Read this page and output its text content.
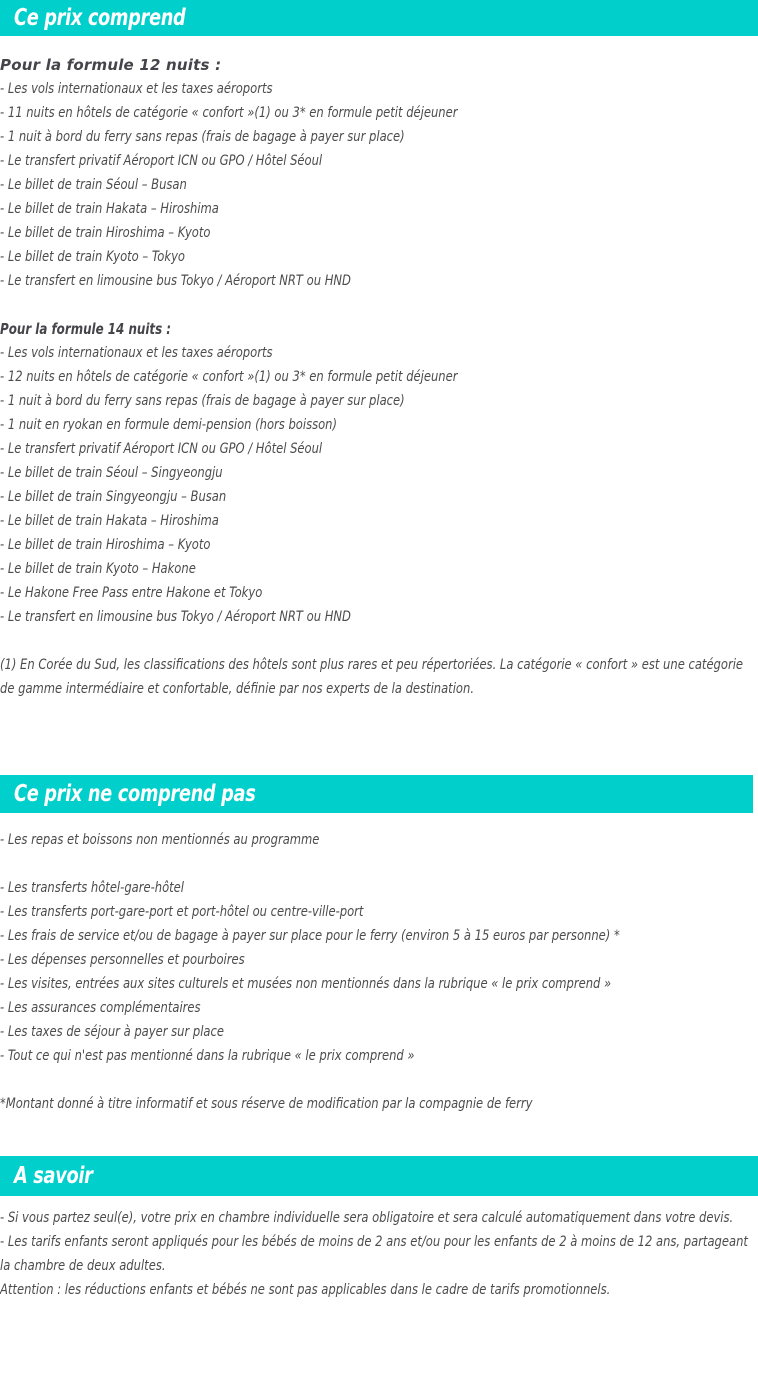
Ce prix comprend
Pour la formule 12 nuits :
- Les vols internationaux et les taxes aéroports
- 11 nuits en hôtels de catégorie « confort »(1) ou 3* en formule petit déjeuner
- 1 nuit à bord du ferry sans repas (frais de bagage à payer sur place)
- Le transfert privatif Aéroport ICN ou GPO / Hôtel Séoul
- Le billet de train Séoul – Busan
- Le billet de train Hakata – Hiroshima
- Le billet de train Hiroshima – Kyoto
- Le billet de train Kyoto – Tokyo
- Le transfert en limousine bus Tokyo / Aéroport NRT ou HND
Pour la formule 14 nuits :
- Les vols internationaux et les taxes aéroports
- 12 nuits en hôtels de catégorie « confort »(1) ou 3* en formule petit déjeuner
- 1 nuit à bord du ferry sans repas (frais de bagage à payer sur place)
- 1 nuit en ryokan en formule demi-pension (hors boisson)
- Le transfert privatif Aéroport ICN ou GPO / Hôtel Séoul
- Le billet de train Séoul – Singyeongju
- Le billet de train Singyeongju – Busan
- Le billet de train Hakata – Hiroshima
- Le billet de train Hiroshima – Kyoto
- Le billet de train Kyoto – Hakone
- Le Hakone Free Pass entre Hakone et Tokyo
- Le transfert en limousine bus Tokyo / Aéroport NRT ou HND
(1) En Corée du Sud, les classifications des hôtels sont plus rares et peu répertoriées. La catégorie « confort » est une catégorie de gamme intermédiaire et confortable, définie par nos experts de la destination.
Ce prix ne comprend pas
- Les repas et boissons non mentionnés au programme
- Les transferts hôtel-gare-hôtel
- Les transferts port-gare-port et port-hôtel ou centre-ville-port
- Les frais de service et/ou de bagage à payer sur place pour le ferry (environ 5 à 15 euros par personne) *
- Les dépenses personnelles et pourboires
- Les visites, entrées aux sites culturels et musées non mentionnés dans la rubrique « le prix comprend »
- Les assurances complémentaires
- Les taxes de séjour à payer sur place
- Tout ce qui n'est pas mentionné dans la rubrique « le prix comprend »
*Montant donné à titre informatif et sous réserve de modification par la compagnie de ferry
A savoir
- Si vous partez seul(e), votre prix en chambre individuelle sera obligatoire et sera calculé automatiquement dans votre devis.
- Les tarifs enfants seront appliqués pour les bébés de moins de 2 ans et/ou pour les enfants de 2 à moins de 12 ans, partageant la chambre de deux adultes.
Attention : les réductions enfants et bébés ne sont pas applicables dans le cadre de tarifs promotionnels.
